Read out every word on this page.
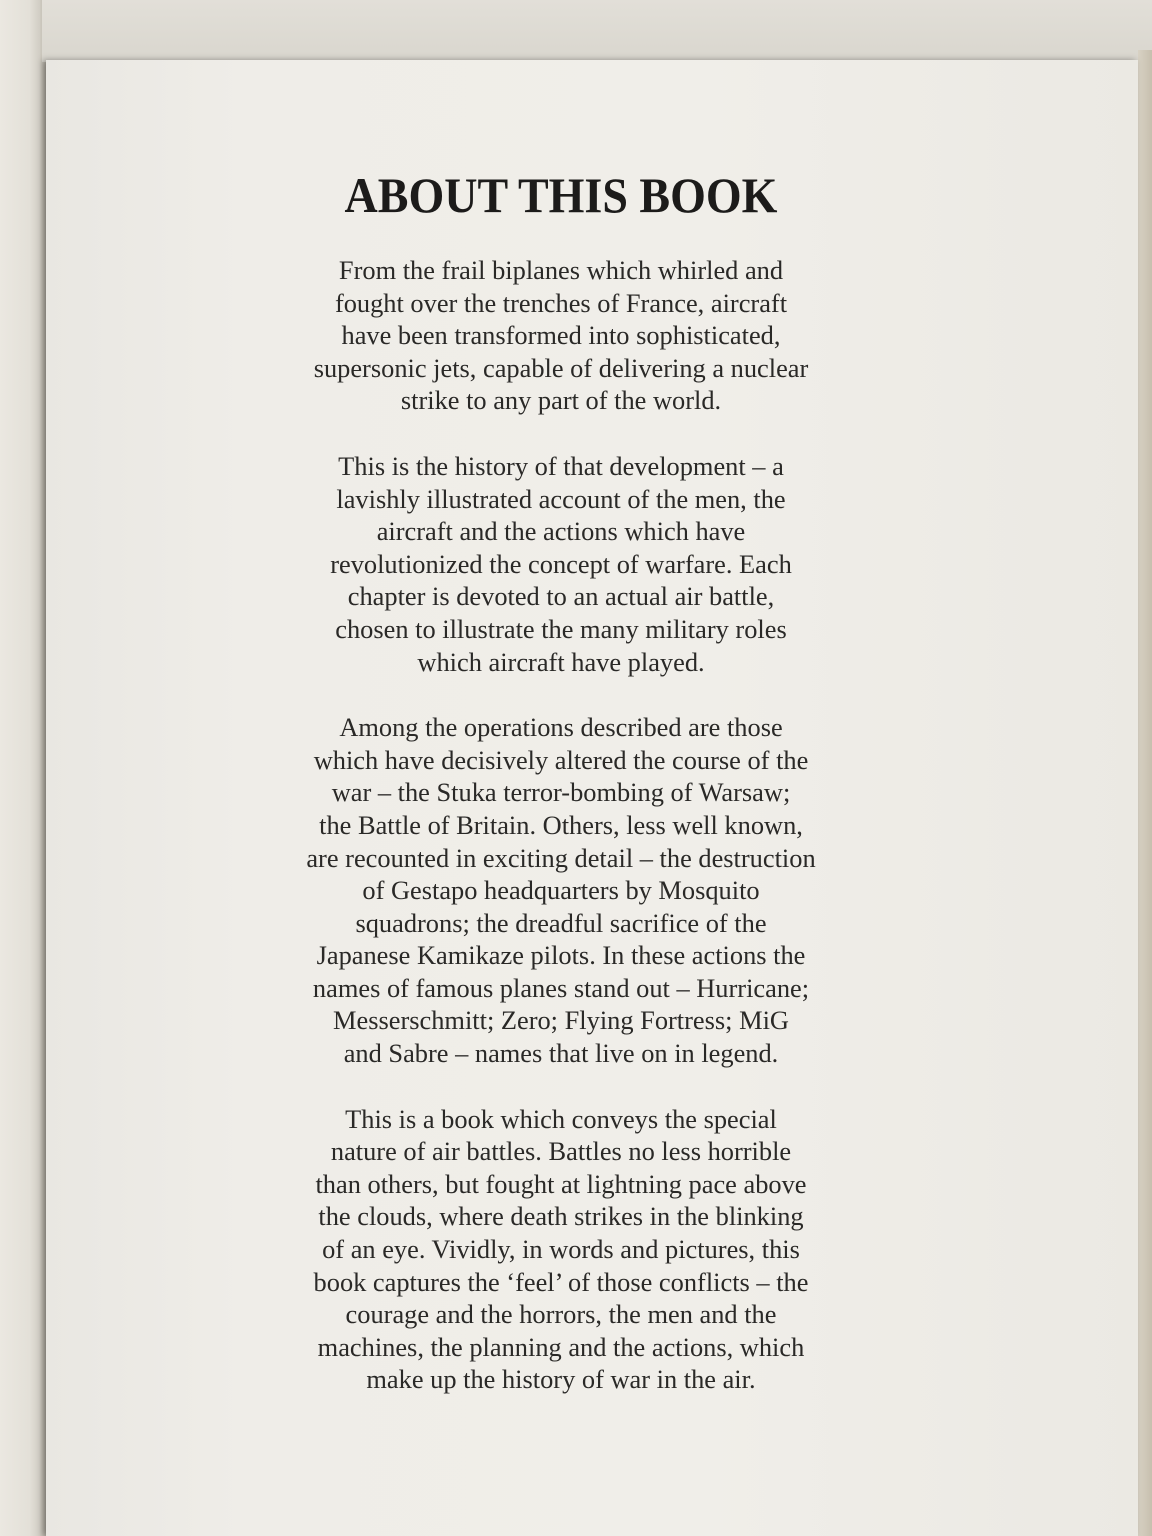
ABOUT THIS BOOK

From the frail biplanes which whirled and
fought over the trenches of France, aircraft
have been transformed into sophisticated,
supersonic jets, capable of delivering a nuclear
strike to any part of the world.

This is the history of that development – a
lavishly illustrated account of the men, the
aircraft and the actions which have
revolutionized the concept of warfare. Each
chapter is devoted to an actual air battle,
chosen to illustrate the many military roles
which aircraft have played.

Among the operations described are those
which have decisively altered the course of the
war – the Stuka terror-bombing of Warsaw;
the Battle of Britain. Others, less well known,
are recounted in exciting detail – the destruction
of Gestapo headquarters by Mosquito
squadrons; the dreadful sacrifice of the
Japanese Kamikaze pilots. In these actions the
names of famous planes stand out – Hurricane;
Messerschmitt; Zero; Flying Fortress; MiG
and Sabre – names that live on in legend.

This is a book which conveys the special
nature of air battles. Battles no less horrible
than others, but fought at lightning pace above
the clouds, where death strikes in the blinking
of an eye. Vividly, in words and pictures, this
book captures the ‘feel’ of those conflicts – the
courage and the horrors, the men and the
machines, the planning and the actions, which
make up the history of war in the air.
